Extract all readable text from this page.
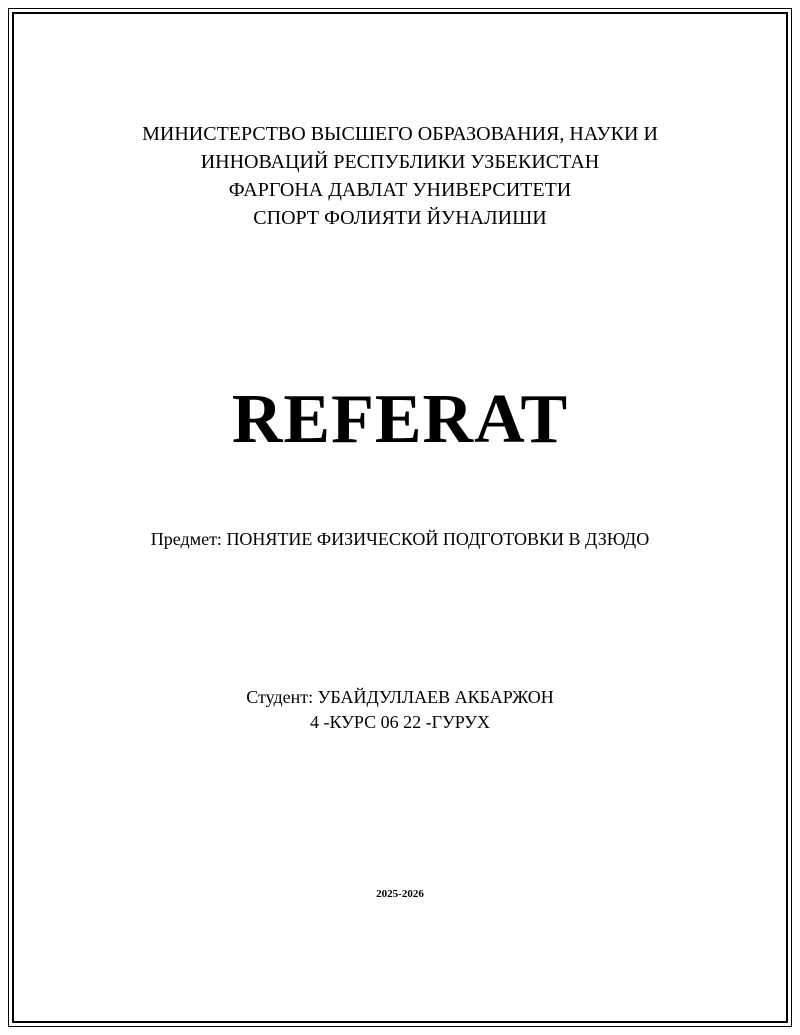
МИНИСТЕРСТВО ВЫСШЕГО ОБРАЗОВАНИЯ, НАУКИ И
ИННОВАЦИЙ РЕСПУБЛИКИ УЗБЕКИСТАН
ФАРГОНА ДАВЛАТ УНИВЕРСИТЕТИ
СПОРТ ФОЛИЯТИ ЙУНАЛИШИ
REFERAT
Предмет: ПОНЯТИЕ ФИЗИЧЕСКОЙ ПОДГОТОВКИ В ДЗЮДО
Студент: УБАЙДУЛЛАЕВ АКБАРЖОН
4 -КУРС 06 22 -ГУРУХ
2025-2026
